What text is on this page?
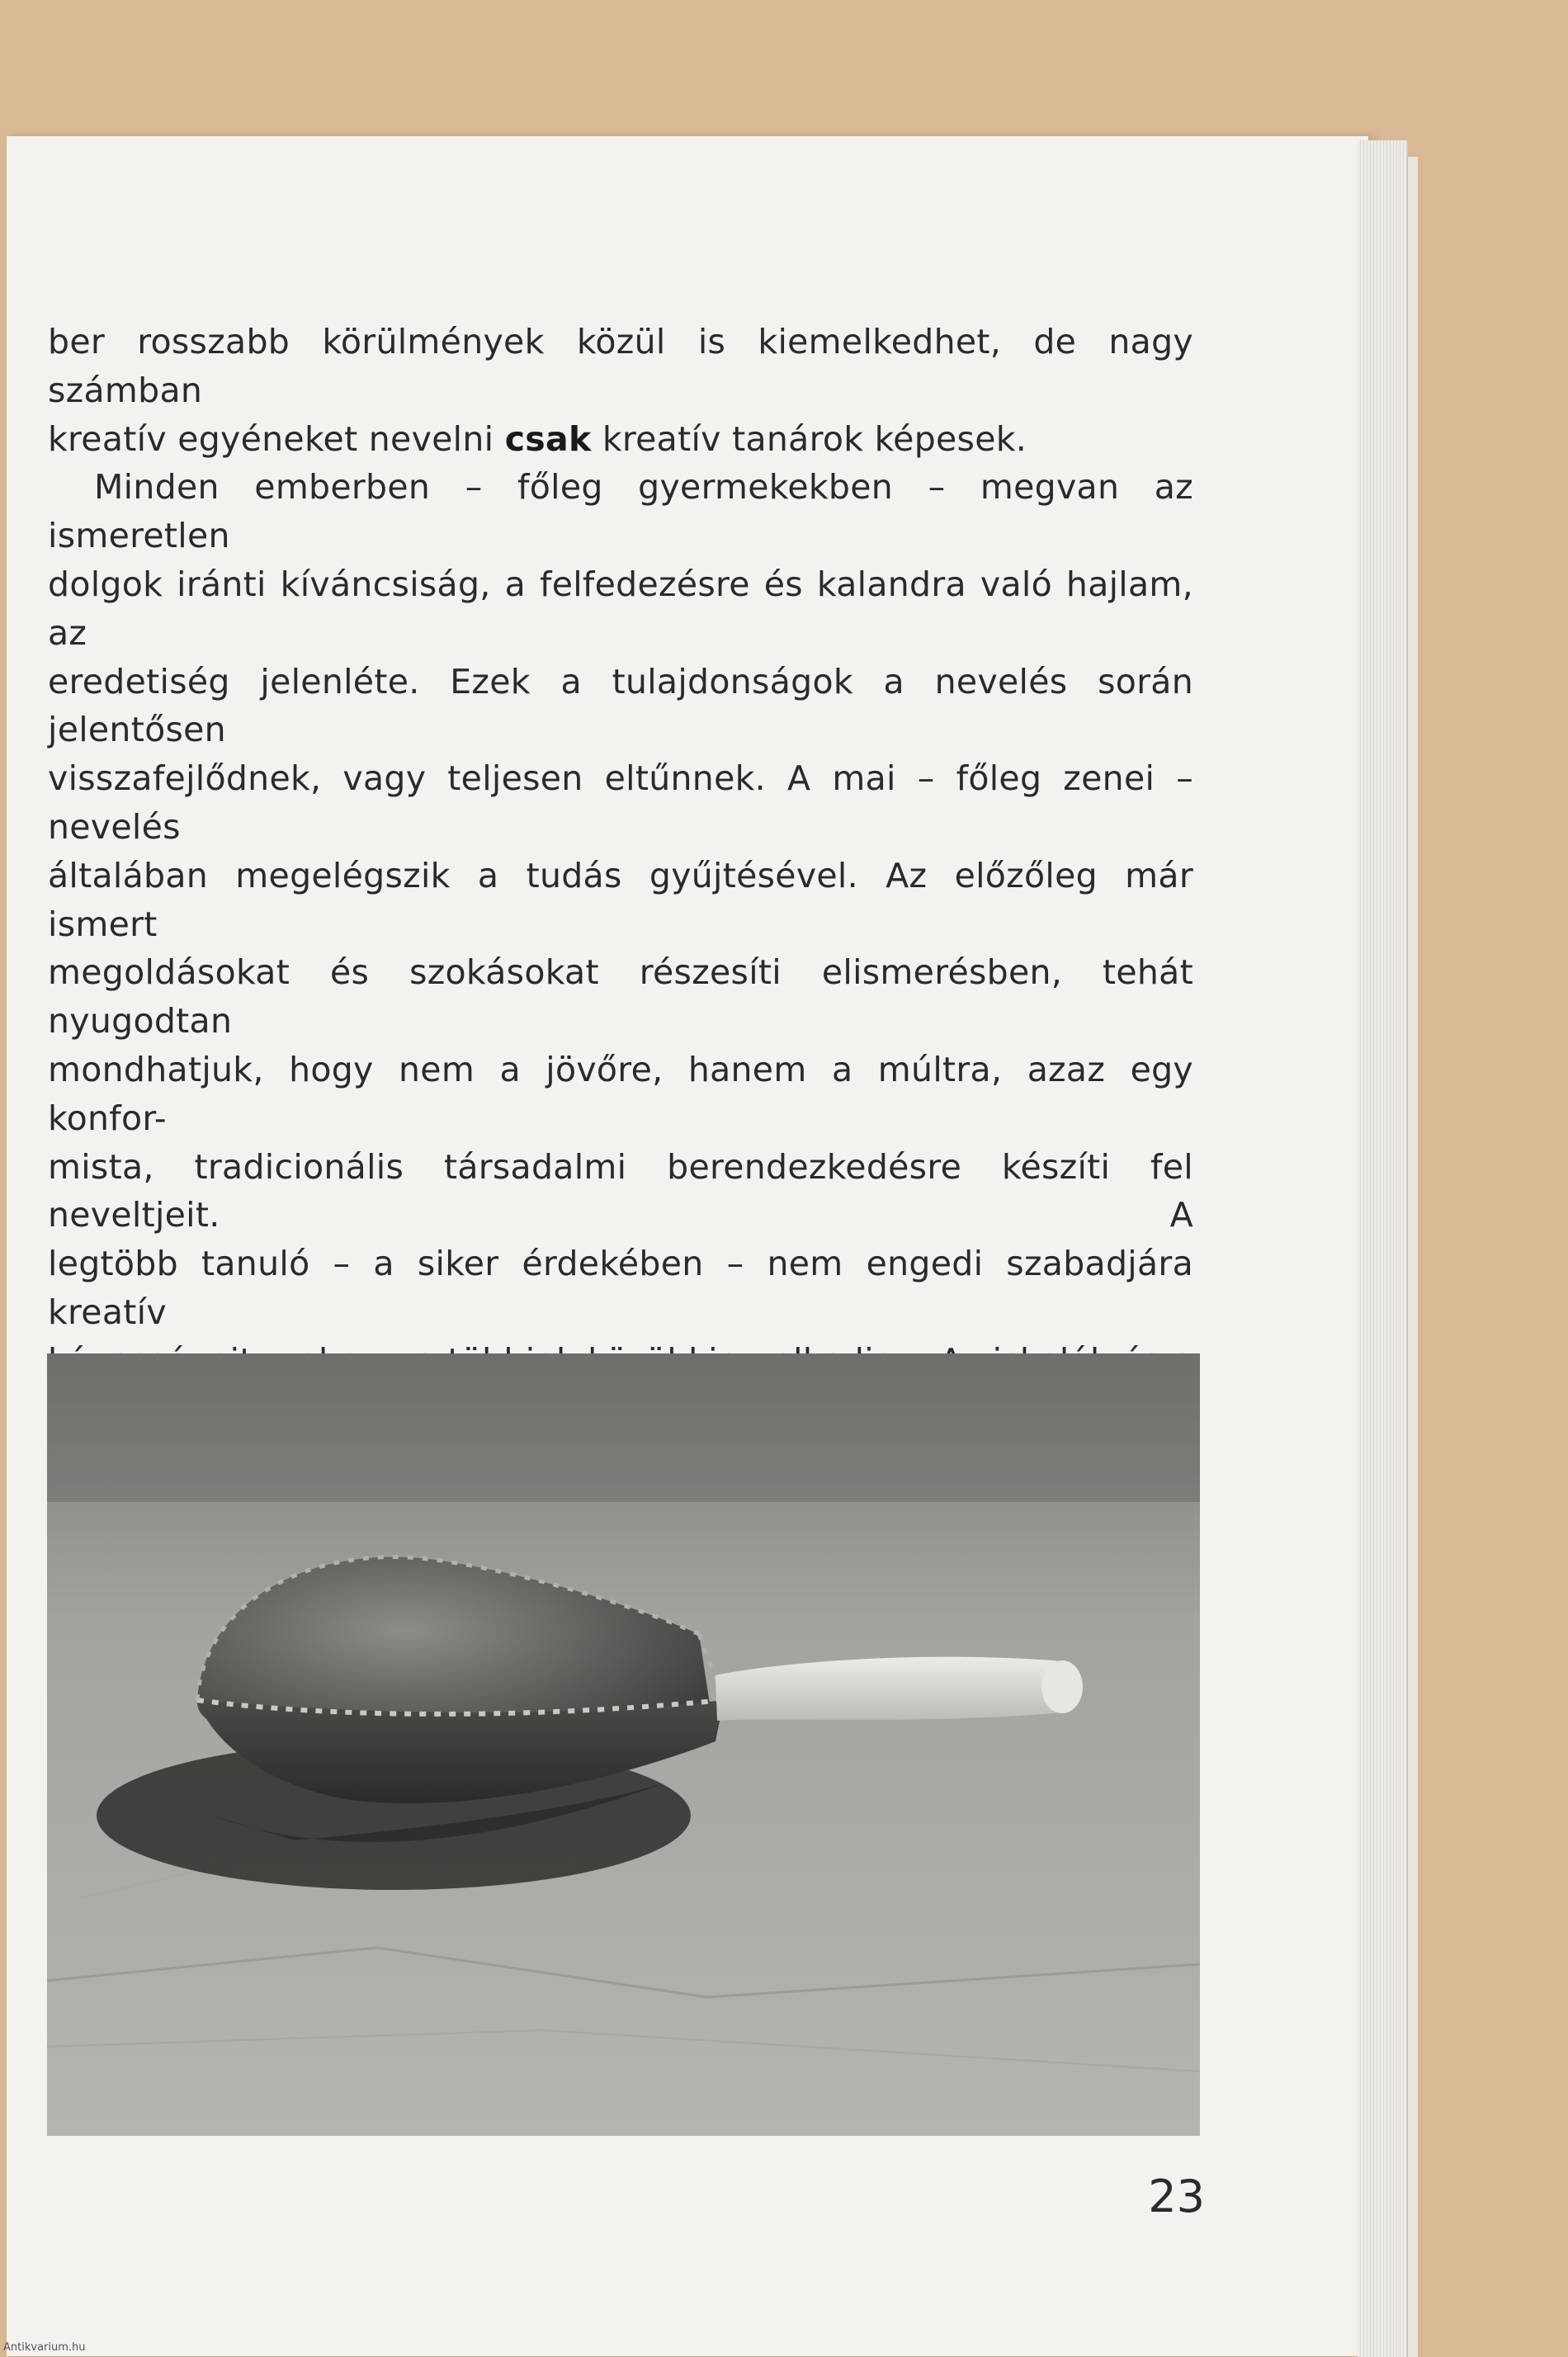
ber rosszabb körülmények közül is kiemelkedhet, de nagy számban

kreatív egyéneket nevelni csak kreatív tanárok képesek.

Minden emberben – főleg gyermekekben – megvan az ismeretlen

dolgok iránti kíváncsiság, a felfedezésre és kalandra való hajlam, az

eredetiség jelenléte. Ezek a tulajdonságok a nevelés során jelentősen

visszafejlődnek, vagy teljesen eltűnnek. A mai – főleg zenei – nevelés

általában megelégszik a tudás gyűjtésével. Az előzőleg már ismert

megoldásokat és szokásokat részesíti elismerésben, tehát nyugodtan

mondhatjuk, hogy nem a jövőre, hanem a múltra, azaz egy konfor-

mista, tradicionális társadalmi berendezkedésre készíti fel neveltjeit. A

legtöbb tanuló – a siker érdekében – nem engedi szabadjára kreatív

23
Antikvarium.hu
